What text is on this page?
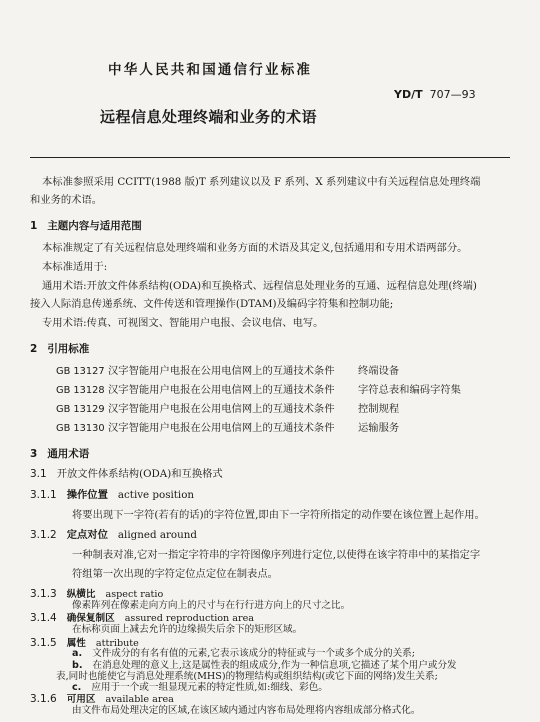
中华人民共和国通信行业标准
YD/T 707—93
远程信息处理终端和业务的术语
本标准参照采用 CCITT(1988 版)T 系列建议以及 F 系列、X 系列建议中有关远程信息处理终端
和业务的术语。
1 主题内容与适用范围
本标准规定了有关远程信息处理终端和业务方面的术语及其定义,包括通用和专用术语两部分。
本标准适用于:
通用术语:开放文件体系结构(ODA)和互换格式、远程信息处理业务的互通、远程信息处理(终端)
接入人际消息传递系统、文件传送和管理操作(DTAM)及编码字符集和控制功能;
专用术语:传真、可视图文、智能用户电报、会议电信、电写。
2 引用标准
GB 13127 汉字智能用户电报在公用电信网上的互通技术条件 终端设备
GB 13128 汉字智能用户电报在公用电信网上的互通技术条件 字符总表和编码字符集
GB 13129 汉字智能用户电报在公用电信网上的互通技术条件 控制规程
GB 13130 汉字智能用户电报在公用电信网上的互通技术条件 运输服务
3 通用术语
3.1 开放文件体系结构(ODA)和互换格式
3.1.1 操作位置 active position
将要出现下一字符(若有的话)的字符位置,即由下一字符所指定的动作要在该位置上起作用。
3.1.2 定点对位 aligned around
一种制表对准,它对一指定字符串的字符图像序列进行定位,以使得在该字符串中的某指定字
符组第一次出现的字符定位点定位在制表点。
3.1.3 纵横比 aspect ratio
像素阵列在像素走向方向上的尺寸与在行行进方向上的尺寸之比。
3.1.4 确保复制区 assured reproduction area
在标称页面上减去允许的边缘损失后余下的矩形区域。
3.1.5 属性 attribute
a. 文件成分的有名有值的元素,它表示该成分的特征或与一个或多个成分的关系;
b. 在消息处理的意义上,这是属性表的组成成分,作为一种信息项,它描述了某个用户或分发
表,同时也能使它与消息处理系统(MHS)的物理结构或组织结构(或它下面的网络)发生关系;
c. 应用于一个或一组显现元素的特定性质,如:细线、彩色。
3.1.6 可用区 available area
由文件布局处理决定的区域,在该区域内通过内容布局处理将内容组成部分格式化。
